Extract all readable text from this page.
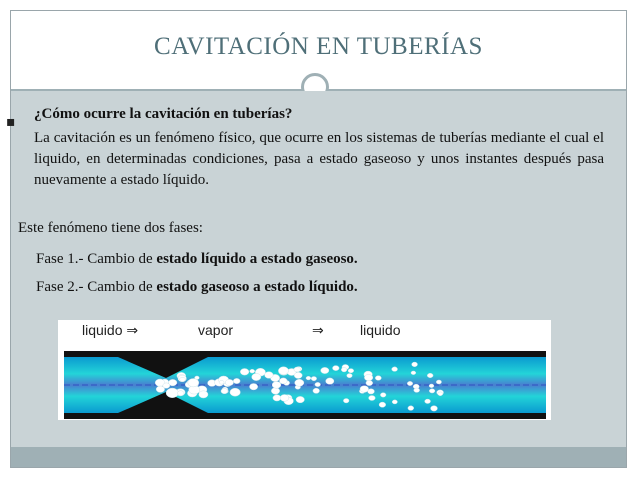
CAVITACIÓN EN TUBERÍAS
▪ ¿Cómo ocurre la cavitación en tuberías?
La cavitación es un fenómeno físico, que ocurre en los sistemas de tuberías mediante el cual el liquido, en determinadas condiciones, pasa a estado gaseoso y unos instantes después pasa nuevamente a estado líquido.
Este fenómeno tiene dos fases:
Fase 1.- Cambio de estado líquido a estado gaseoso.
Fase 2.- Cambio de estado gaseoso a estado líquido.
liquido ⇒	vapor	⇒	liquido
